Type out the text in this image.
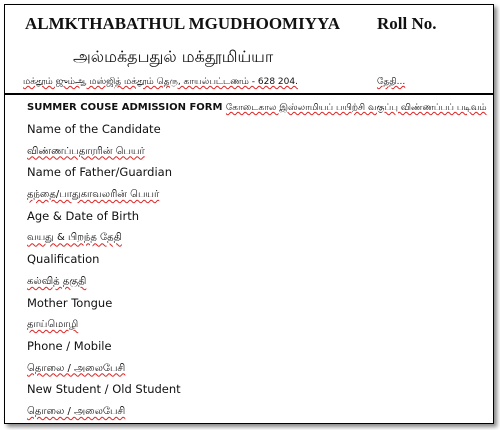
ALMKTHABATHUL MGUDHOOMIYYA Roll No.
அல்மக்தபதுல் மக்தூமிய்யா
மக்தூம் ஜும்ஆ மஸ்ஜித் மக்தூம் தெரு, காயல்பட்டணம் - 628 204.	தேதி...
SUMMER COUSE ADMISSION FORM கோடைகால இஸ்லாமியப் பயிற்சி வகுப்பு விண்ணப்பப் படிவம்
Name of the Candidate
விண்ணப்பதாரரின் பெயர்
Name of Father/Guardian
தந்தை/பாதுகாவலரின் பெயர்
Age & Date of Birth
வயது & பிறந்த தேதி
Qualification
கல்வித் தகுதி
Mother Tongue
தாய்மொழி
Phone / Mobile
தொலை / அலைபேசி
New Student / Old Student
தொலை / அலைபேசி
